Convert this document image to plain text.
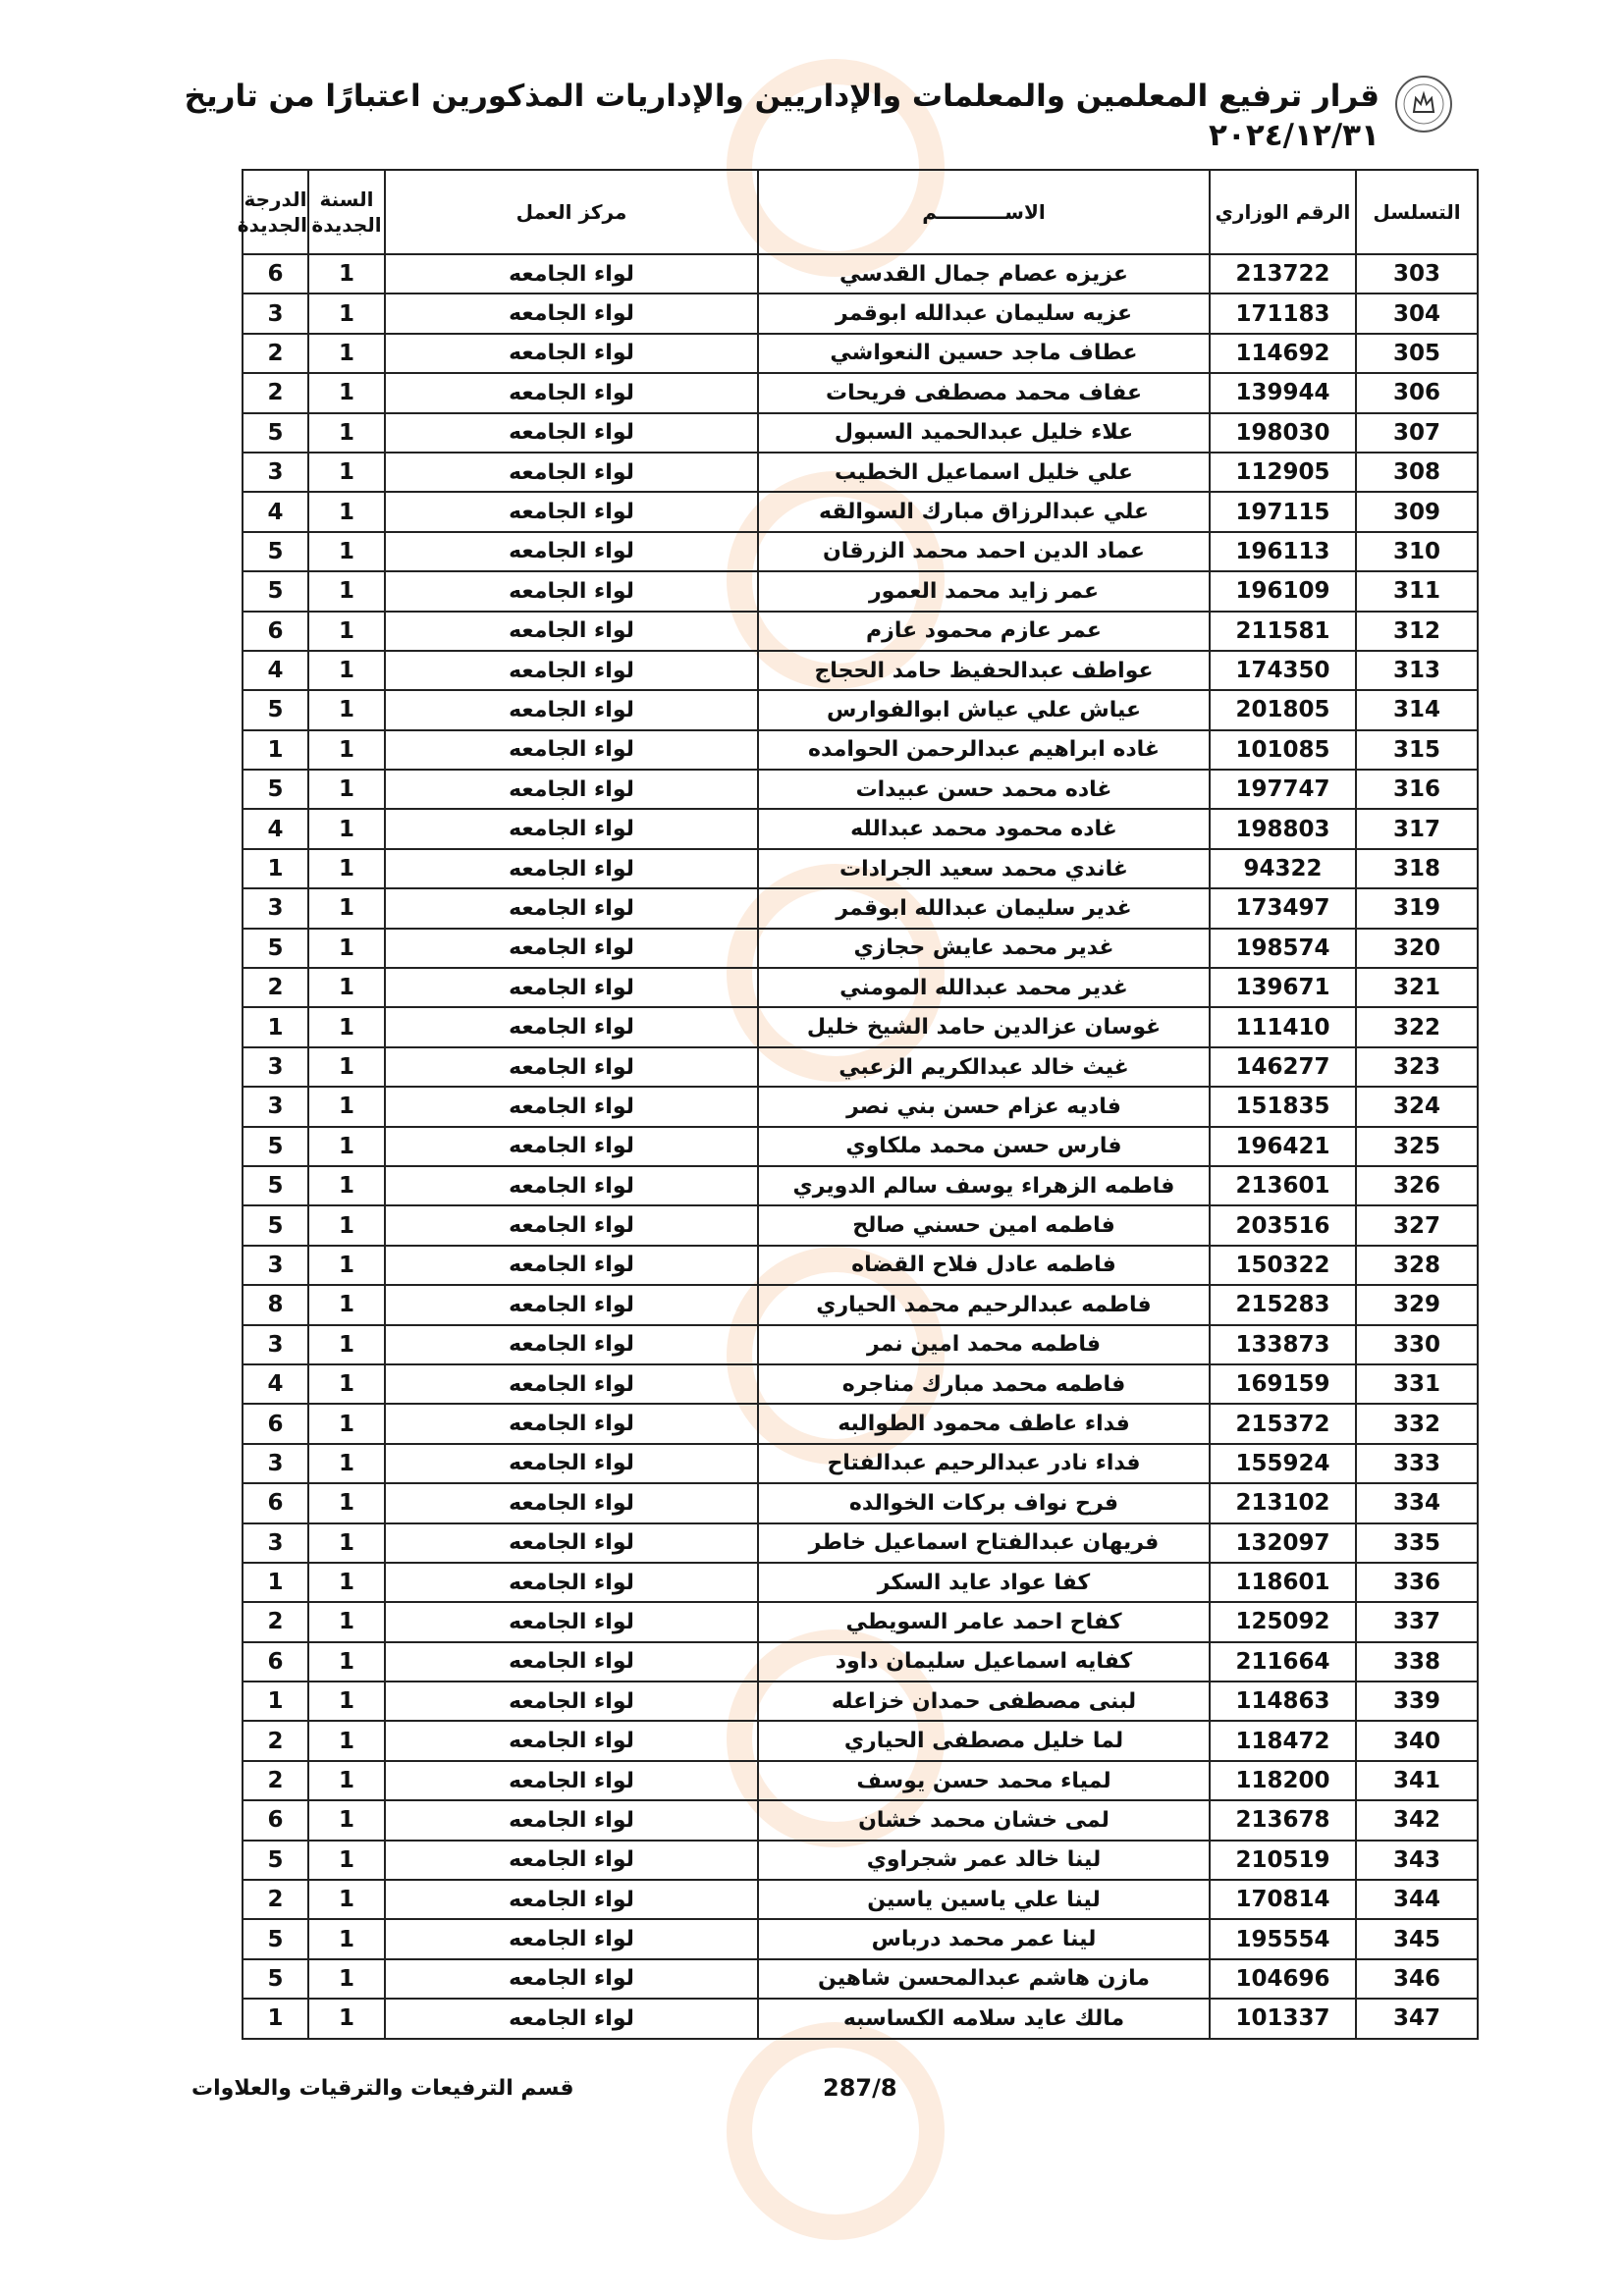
قرار ترفيع المعلمين والمعلمات والإداريين والإداريات المذكورين اعتبارًا من تاريخ ٢٠٢٤/١٢/٣١
التسلسل	الرقم الوزاري	الاســــــــــم	مركز العمل	السنة الجديدة	الدرجة الجديدة
303	213722	عزيزه عصام جمال القدسي	لواء الجامعه	1	6
304	171183	عزيه سليمان عبدالله ابوقمر	لواء الجامعه	1	3
305	114692	عطاف ماجد حسين النعواشي	لواء الجامعه	1	2
306	139944	عفاف محمد مصطفى فريحات	لواء الجامعه	1	2
307	198030	علاء خليل عبدالحميد السبول	لواء الجامعه	1	5
308	112905	علي خليل اسماعيل الخطيب	لواء الجامعه	1	3
309	197115	علي عبدالرزاق مبارك السوالقه	لواء الجامعه	1	4
310	196113	عماد الدين احمد محمد الزرقان	لواء الجامعه	1	5
311	196109	عمر زايد محمد العمور	لواء الجامعه	1	5
312	211581	عمر عازم محمود عازم	لواء الجامعه	1	6
313	174350	عواطف عبدالحفيظ حامد الحجاج	لواء الجامعه	1	4
314	201805	عياش علي عياش ابوالفوارس	لواء الجامعه	1	5
315	101085	غاده ابراهيم عبدالرحمن الحوامده	لواء الجامعه	1	1
316	197747	غاده محمد حسن عبيدات	لواء الجامعه	1	5
317	198803	غاده محمود محمد عبدالله	لواء الجامعه	1	4
318	94322	غاندي محمد سعيد الجرادات	لواء الجامعه	1	1
319	173497	غدير سليمان عبدالله ابوقمر	لواء الجامعه	1	3
320	198574	غدير محمد عايش حجازي	لواء الجامعه	1	5
321	139671	غدير محمد عبدالله المومني	لواء الجامعه	1	2
322	111410	غوسان عزالدين حامد الشيخ خليل	لواء الجامعه	1	1
323	146277	غيث خالد عبدالكريم الزعبي	لواء الجامعه	1	3
324	151835	فاديه عزام حسن بني نصر	لواء الجامعه	1	3
325	196421	فارس حسن محمد ملكاوي	لواء الجامعه	1	5
326	213601	فاطمه الزهراء يوسف سالم الدويري	لواء الجامعه	1	5
327	203516	فاطمه امين حسني صالح	لواء الجامعه	1	5
328	150322	فاطمه عادل فلاح القضاه	لواء الجامعه	1	3
329	215283	فاطمه عبدالرحيم محمد الحياري	لواء الجامعه	1	8
330	133873	فاطمه محمد امين نمر	لواء الجامعه	1	3
331	169159	فاطمه محمد مبارك مناجره	لواء الجامعه	1	4
332	215372	فداء عاطف محمود الطوالبه	لواء الجامعه	1	6
333	155924	فداء نادر عبدالرحيم عبدالفتاح	لواء الجامعه	1	3
334	213102	فرح نواف بركات الخوالده	لواء الجامعه	1	6
335	132097	فريهان عبدالفتاح اسماعيل خاطر	لواء الجامعه	1	3
336	118601	كفا عواد عايد السكر	لواء الجامعه	1	1
337	125092	كفاح احمد عامر السويطي	لواء الجامعه	1	2
338	211664	كفايه اسماعيل سليمان داود	لواء الجامعه	1	6
339	114863	لبنى مصطفى حمدان خزاعله	لواء الجامعه	1	1
340	118472	لما خليل مصطفى الحياري	لواء الجامعه	1	2
341	118200	لمياء محمد حسن يوسف	لواء الجامعه	1	2
342	213678	لمى خشان محمد خشان	لواء الجامعه	1	6
343	210519	لينا خالد عمر شجراوي	لواء الجامعه	1	5
344	170814	لينا علي ياسين ياسين	لواء الجامعه	1	2
345	195554	لينا عمر محمد درباس	لواء الجامعه	1	5
346	104696	مازن هاشم عبدالمحسن شاهين	لواء الجامعه	1	5
347	101337	مالك عايد سلامه الكساسبه	لواء الجامعه	1	1
287/8
قسم الترفيعات والترقيات والعلاوات
